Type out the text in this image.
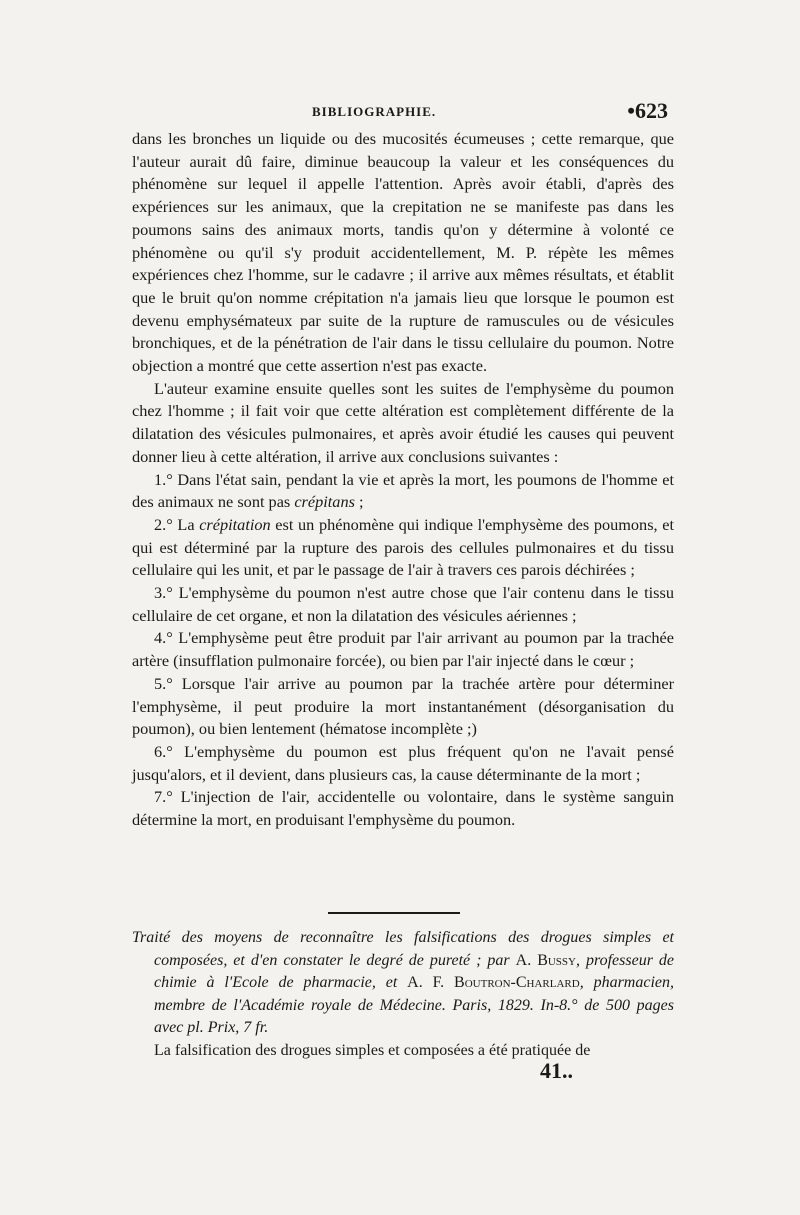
BIBLIOGRAPHIE.	•623

dans les bronches un liquide ou des mucosités écumeuses ; cette remarque, que l'auteur aurait dû faire, diminue beaucoup la valeur et les conséquences du phénomène sur lequel il appelle l'attention. Après avoir établi, d'après des expériences sur les animaux, que la crepitation ne se manifeste pas dans les poumons sains des animaux morts, tandis qu'on y détermine à volonté ce phénomène ou qu'il s'y produit accidentellement, M. P. répète les mêmes expériences chez l'homme, sur le cadavre ; il arrive aux mêmes résultats, et établit que le bruit qu'on nomme crépitation n'a jamais lieu que lorsque le poumon est devenu emphysémateux par suite de la rupture de ramuscules ou de vésicules bronchiques, et de la pénétration de l'air dans le tissu cellulaire du poumon. Notre objection a montré que cette assertion n'est pas exacte.

L'auteur examine ensuite quelles sont les suites de l'emphysème du poumon chez l'homme ; il fait voir que cette altération est complètement différente de la dilatation des vésicules pulmonaires, et après avoir étudié les causes qui peuvent donner lieu à cette altération, il arrive aux conclusions suivantes :

1.° Dans l'état sain, pendant la vie et après la mort, les poumons de l'homme et des animaux ne sont pas crépitans ;

2.° La crépitation est un phénomène qui indique l'emphysème des poumons, et qui est déterminé par la rupture des parois des cellules pulmonaires et du tissu cellulaire qui les unit, et par le passage de l'air à travers ces parois déchirées ;

3.° L'emphysème du poumon n'est autre chose que l'air contenu dans le tissu cellulaire de cet organe, et non la dilatation des vésicules aériennes ;

4.° L'emphysème peut être produit par l'air arrivant au poumon par la trachée artère (insufflation pulmonaire forcée), ou bien par l'air injecté dans le cœur ;

5.° Lorsque l'air arrive au poumon par la trachée artère pour déterminer l'emphysème, il peut produire la mort instantanément (désorganisation du poumon), ou bien lentement (hématose incomplète ;)

6.° L'emphysème du poumon est plus fréquent qu'on ne l'avait pensé jusqu'alors, et il devient, dans plusieurs cas, la cause déterminante de la mort ;

7.° L'injection de l'air, accidentelle ou volontaire, dans le système sanguin détermine la mort, en produisant l'emphysème du poumon.

Traité des moyens de reconnaître les falsifications des drogues simples et composées, et d'en constater le degré de pureté ; par A. Bussy, professeur de chimie à l'Ecole de pharmacie, et A. F. Boutron-Charlard, pharmacien, membre de l'Académie royale de Médecine. Paris, 1829. In-8.° de 500 pages avec pl. Prix, 7 fr.

La falsification des drogues simples et composées a été pratiquée de

41..
